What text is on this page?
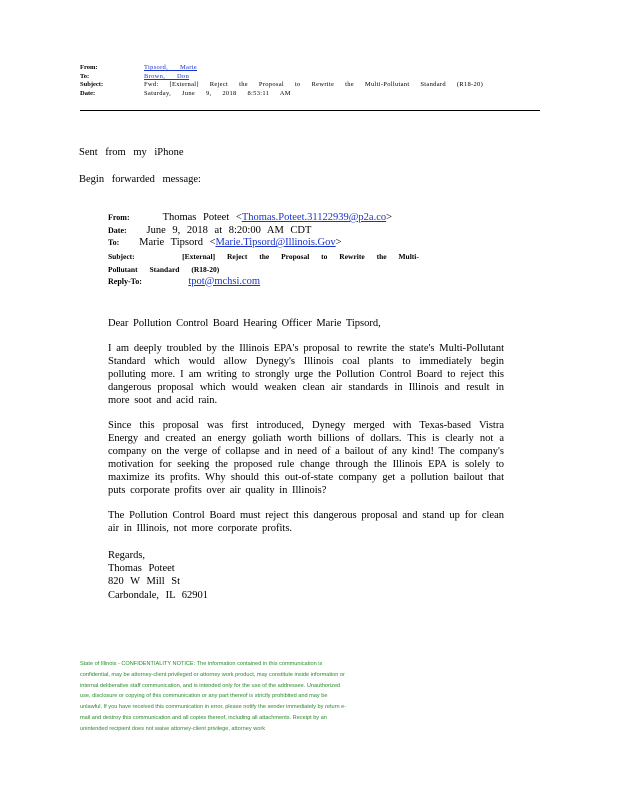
From:	Tipsord, Marie
To:	Brown, Don
Subject:	Fwd: [External] Reject the Proposal to Rewrite the Multi-Pollutant Standard (R18-20)
Date:	Saturday, June 9, 2018 8:53:11 AM
Sent from my iPhone
Begin forwarded message:
From:	Thomas Poteet <Thomas.Poteet.31122939@p2a.co>
Date: June 9, 2018 at 8:20:00 AM CDT
To: Marie Tipsord <Marie.Tipsord@Illinois.Gov>
Subject:	[External] Reject the Proposal to Rewrite the Multi-Pollutant Standard (R18-20)
Reply-To:	tpot@mchsi.com

Dear Pollution Control Board Hearing Officer Marie Tipsord,

I am deeply troubled by the Illinois EPA's proposal to rewrite the state's Multi-Pollutant Standard which would allow Dynegy's Illinois coal plants to immediately begin polluting more. I am writing to strongly urge the Pollution Control Board to reject this dangerous proposal which would weaken clean air standards in Illinois and result in more soot and acid rain.

Since this proposal was first introduced, Dynegy merged with Texas-based Vistra Energy and created an energy goliath worth billions of dollars. This is clearly not a company on the verge of collapse and in need of a bailout of any kind! The company's motivation for seeking the proposed rule change through the Illinois EPA is solely to maximize its profits. Why should this out-of-state company get a pollution bailout that puts corporate profits over air quality in Illinois?

The Pollution Control Board must reject this dangerous proposal and stand up for clean air in Illinois, not more corporate profits.

Regards,
Thomas Poteet
820 W Mill St
Carbondale, IL 62901
State of Illinois - CONFIDENTIALITY NOTICE: The information contained in this communication is confidential, may be attorney-client privileged or attorney work product, may constitute inside information or internal deliberative staff communication, and is intended only for the use of the addressee. Unauthorized use, disclosure or copying of this communication or any part thereof is strictly prohibited and may be unlawful. If you have received this communication in error, please notify the sender immediately by return e-mail and destroy this communication and all copies thereof, including all attachments. Receipt by an unintended recipient does not waive attorney-client privilege, attorney work
